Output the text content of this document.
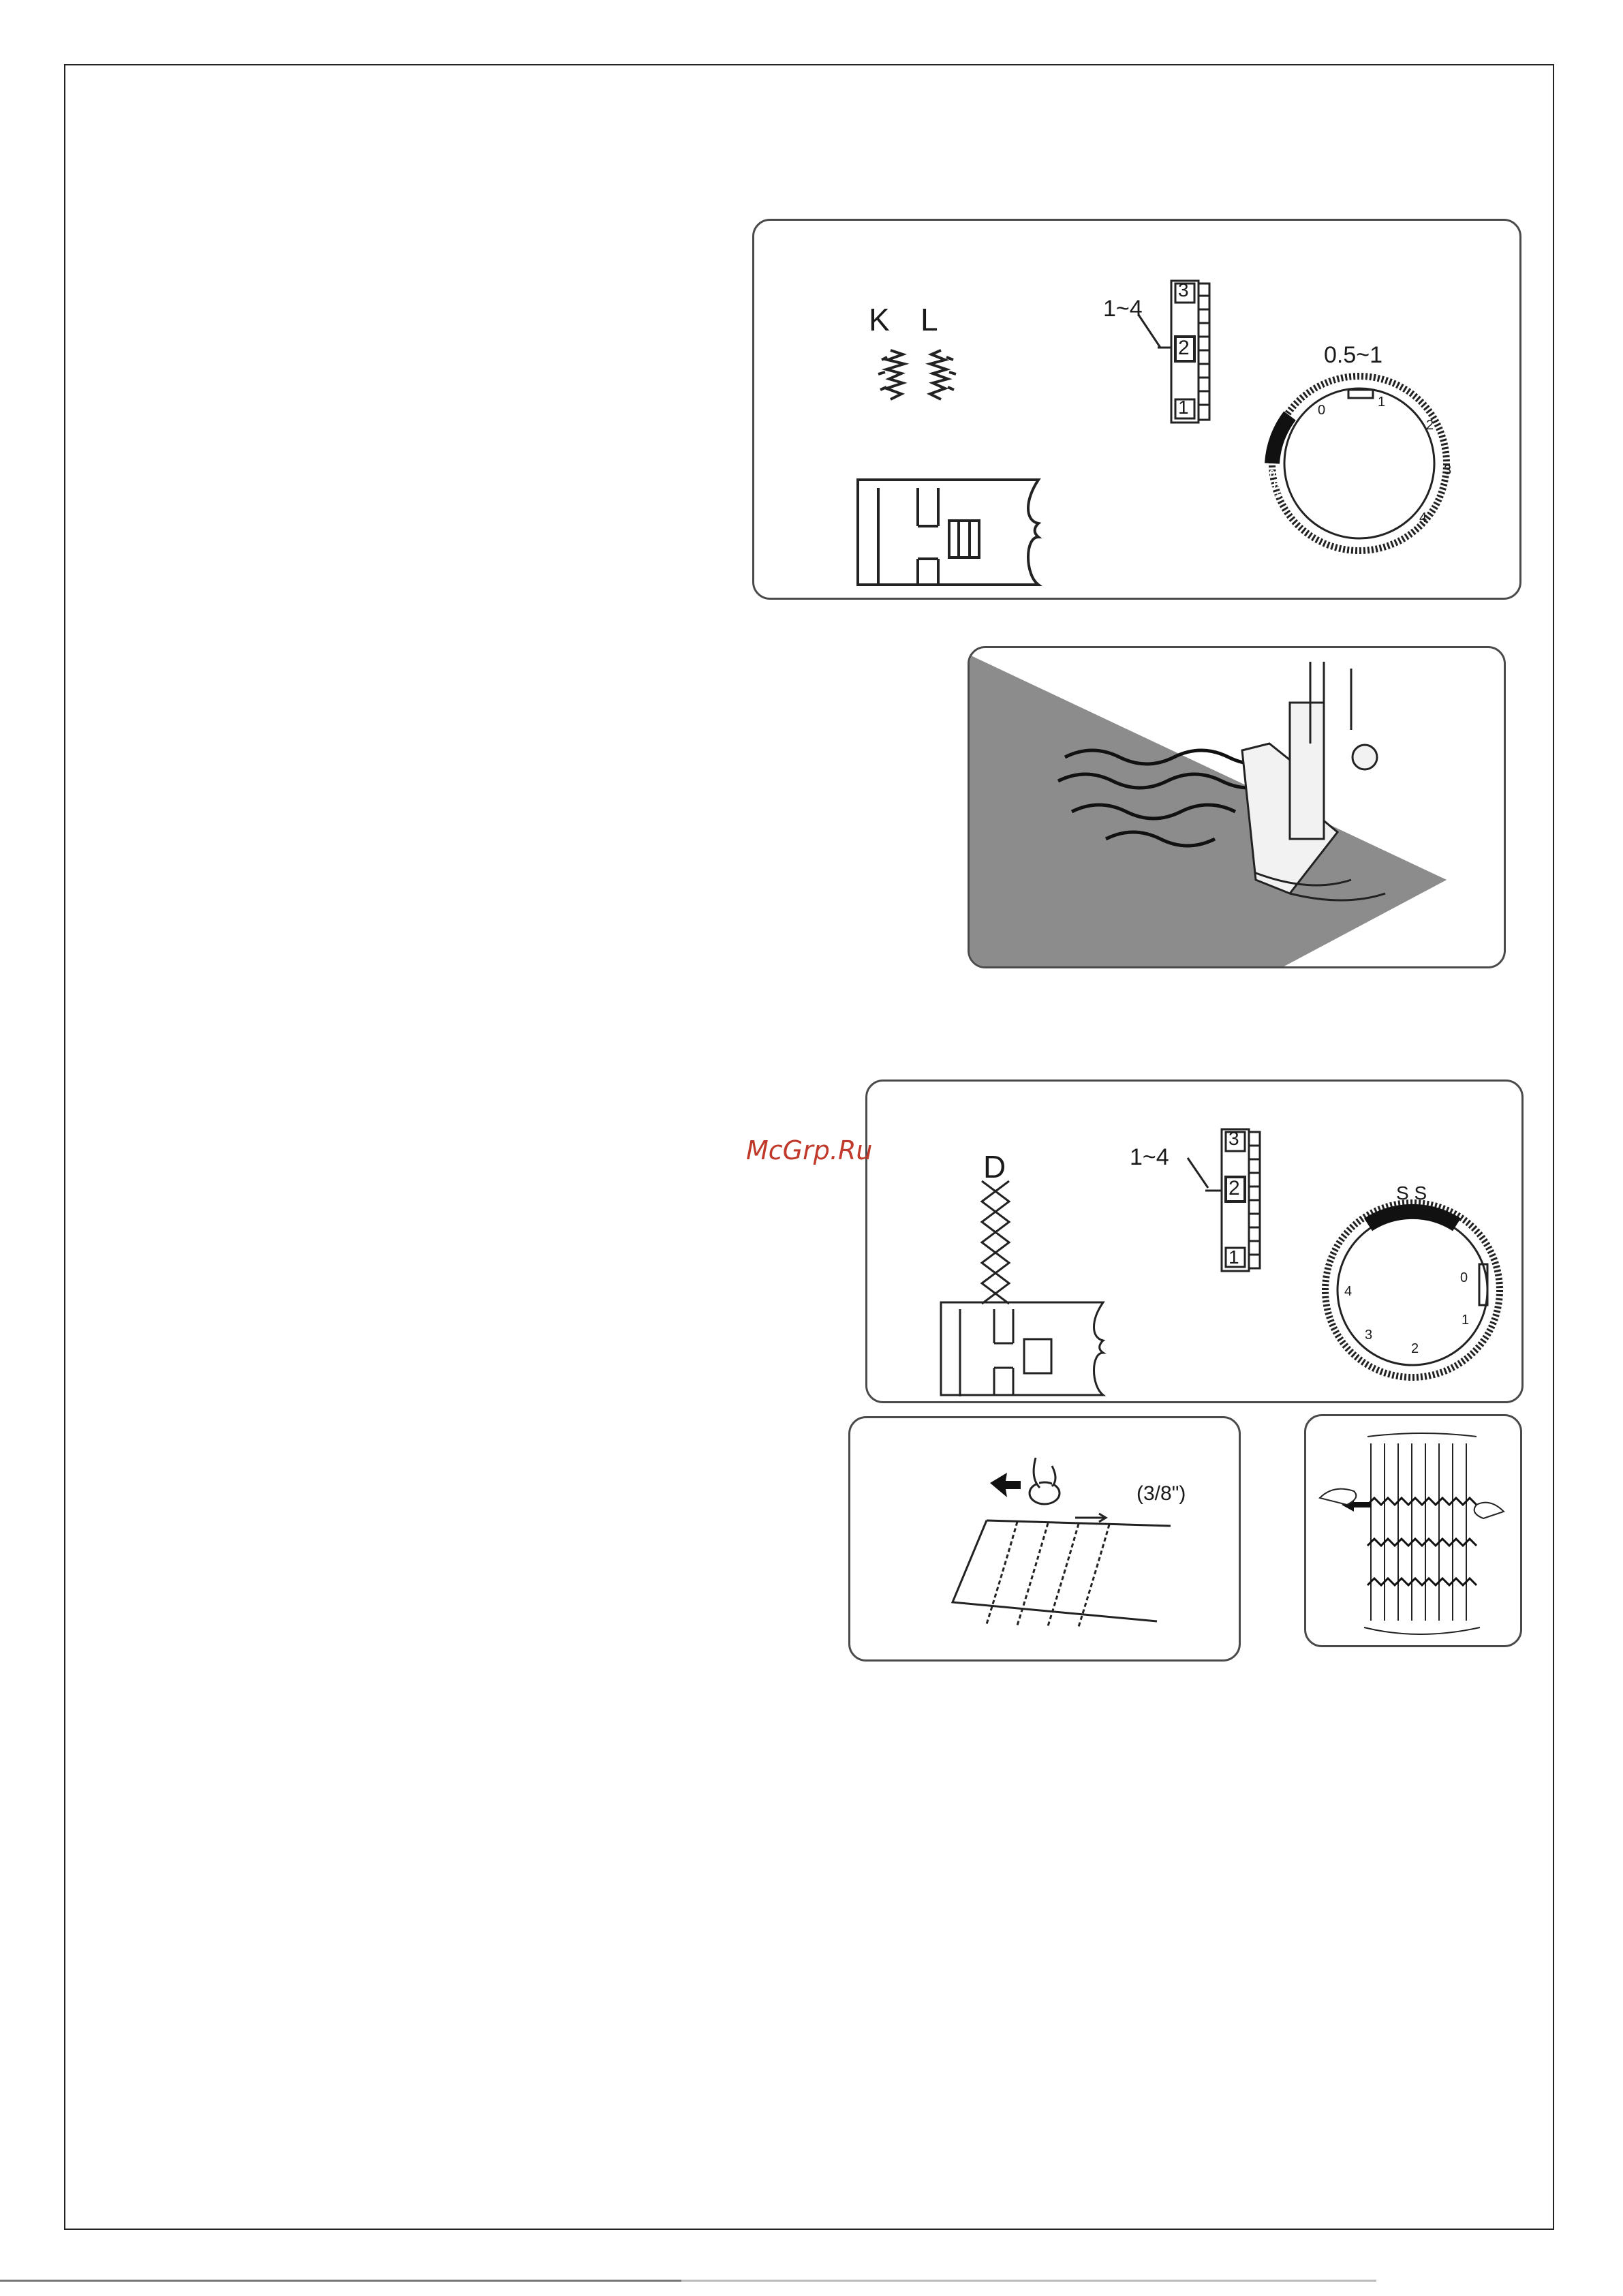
K L	1~4
3
2
1
0.5~1
0
1
2
3
4
- S S +
D	1~4
3
2
1
S S
+ S S -
0
1
2
3
4
McGrp.Ru
(3/8")
